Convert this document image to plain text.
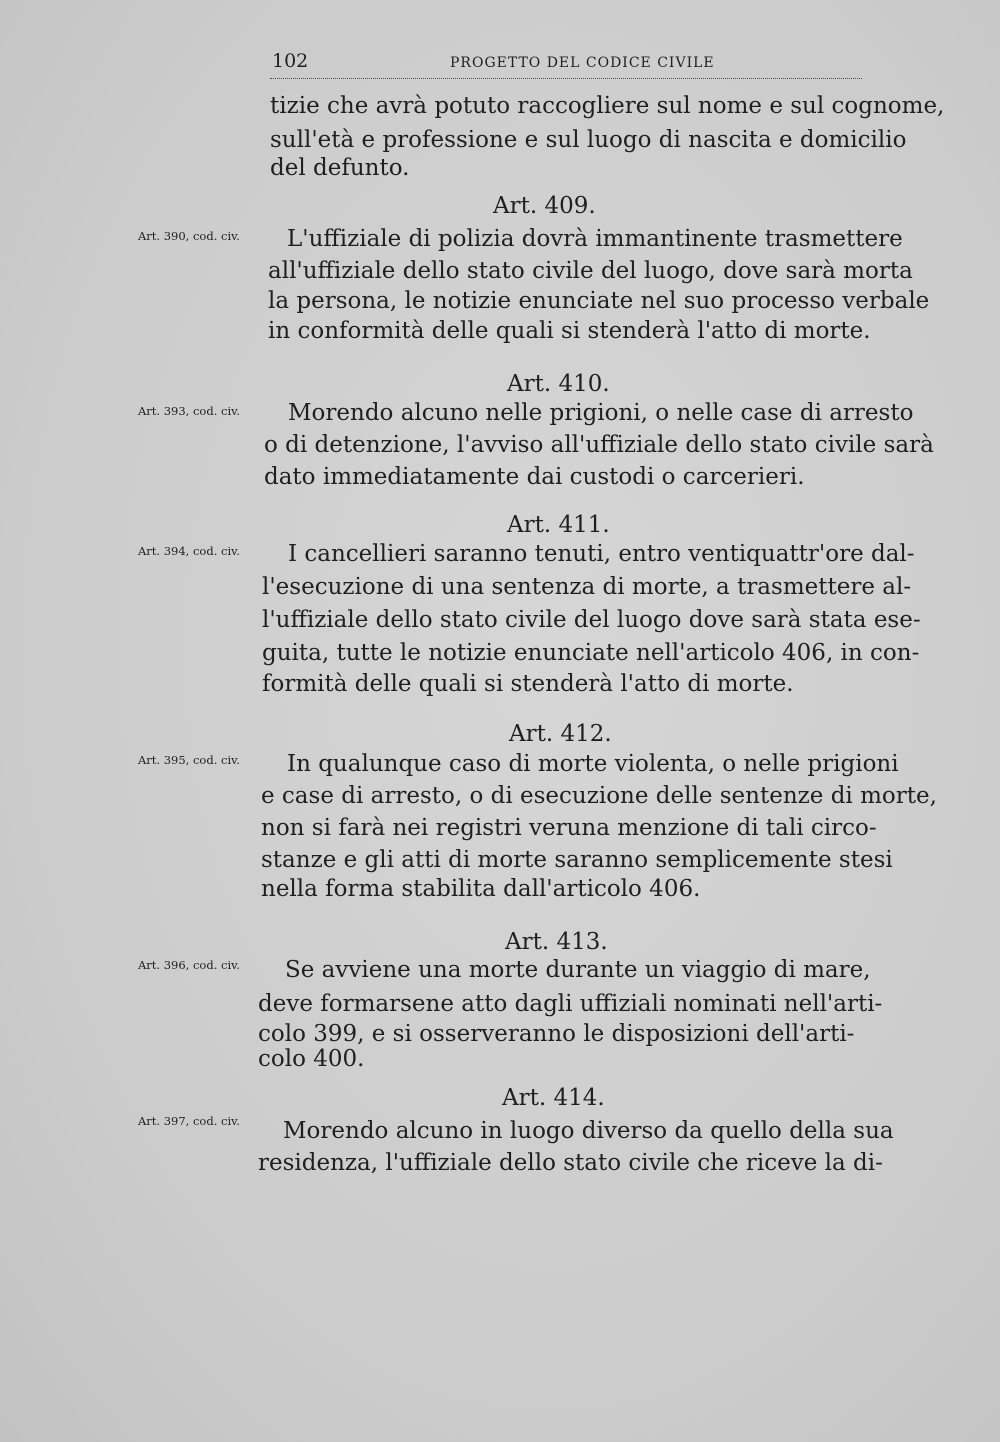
102	PROGETTO DEL CODICE CIVILE
tizie che avrà potuto raccogliere sul nome e sul cognome,
sull'età e professione e sul luogo di nascita e domicilio
del defunto.
Art. 409.
Art. 390, cod. civ.	L'uffiziale di polizia dovrà immantinente trasmettere
all'uffiziale dello stato civile del luogo, dove sarà morta
la persona, le notizie enunciate nel suo processo verbale
in conformità delle quali si stenderà l'atto di morte.
Art. 410.
Art. 393, cod. civ.	Morendo alcuno nelle prigioni, o nelle case di arresto
o di detenzione, l'avviso all'uffiziale dello stato civile sarà
dato immediatamente dai custodi o carcerieri.
Art. 411.
Art. 394, cod. civ.	I cancellieri saranno tenuti, entro ventiquattr'ore dal-
l'esecuzione di una sentenza di morte, a trasmettere al-
l'uffiziale dello stato civile del luogo dove sarà stata ese-
guita, tutte le notizie enunciate nell'articolo 406, in con-
formità delle quali si stenderà l'atto di morte.
Art. 412.
Art. 395, cod. civ.	In qualunque caso di morte violenta, o nelle prigioni
e case di arresto, o di esecuzione delle sentenze di morte,
non si farà nei registri veruna menzione di tali circo-
stanze e gli atti di morte saranno semplicemente stesi
nella forma stabilita dall'articolo 406.
Art. 413.
Art. 396, cod. civ.	Se avviene una morte durante un viaggio di mare,
deve formarsene atto dagli uffiziali nominati nell'arti-
colo 399, e si osserveranno le disposizioni dell'arti-
colo 400.
Art. 414.
Art. 397, cod. civ.	Morendo alcuno in luogo diverso da quello della sua
residenza, l'uffiziale dello stato civile che riceve la di-
